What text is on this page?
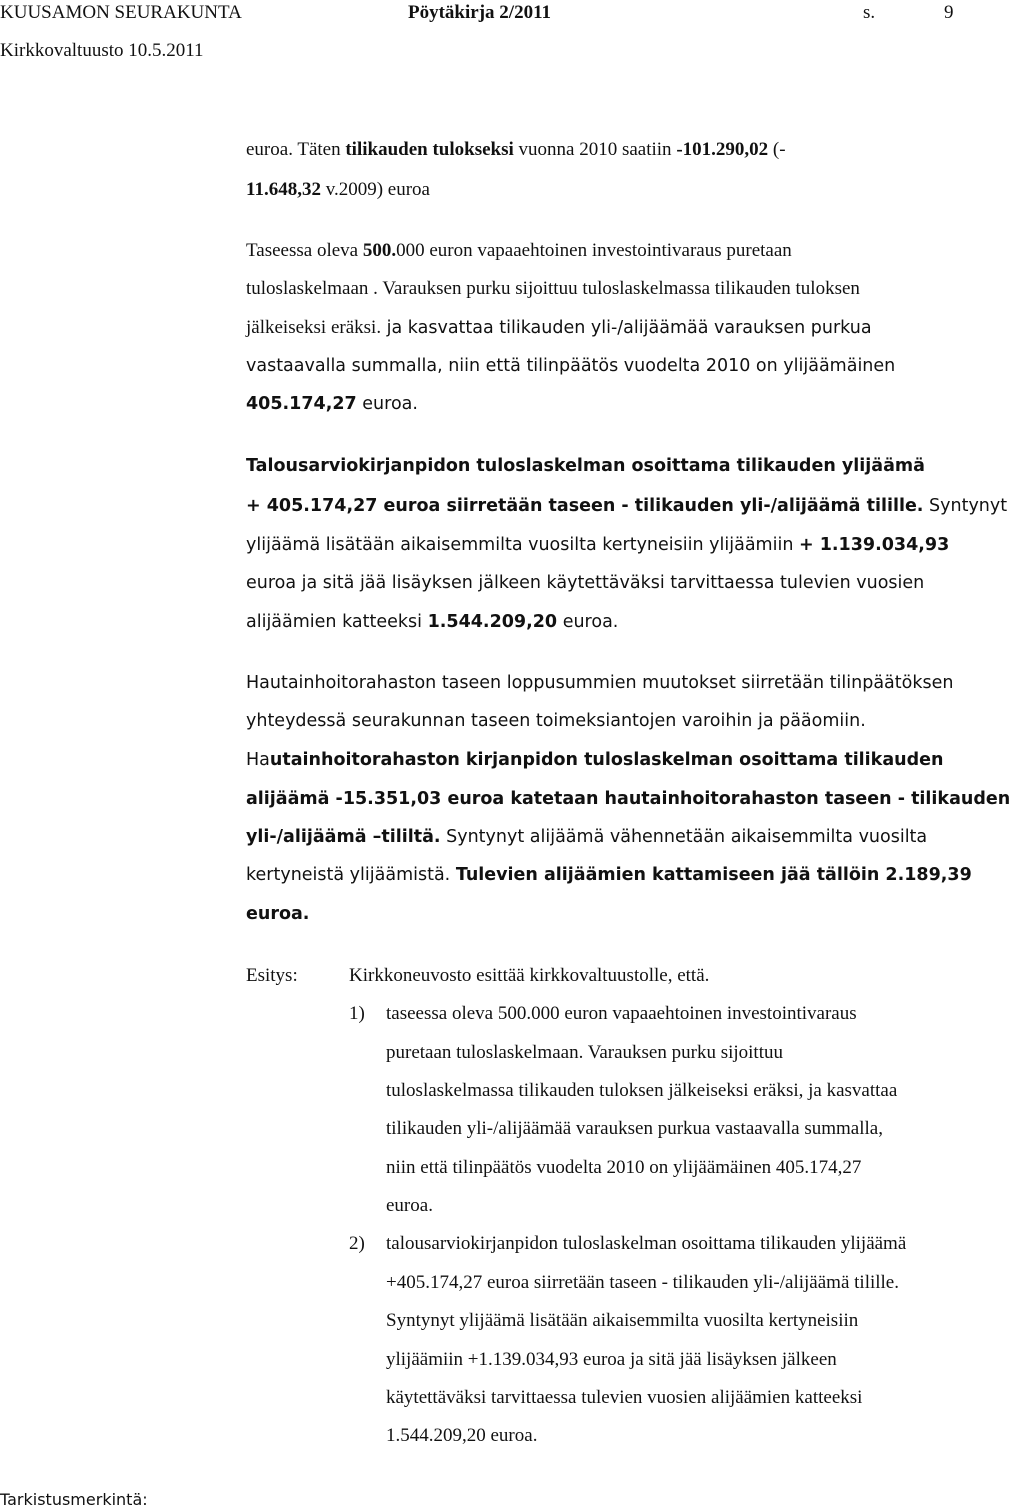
KUUSAMON SEURAKUNTA	Pöytäkirja 2/2011	s.	9
Kirkkovaltuusto 10.5.2011
euroa. Täten tilikauden tulokseksi vuonna 2010 saatiin -101.290,02 (-
11.648,32 v.2009) euroa
Taseessa oleva 500.000 euron vapaaehtoinen investointivaraus puretaan
tuloslaskelmaan . Varauksen purku sijoittuu tuloslaskelmassa tilikauden tuloksen
jälkeiseksi eräksi. ja kasvattaa tilikauden yli-/alijäämää varauksen purkua
vastaavalla summalla, niin että tilinpäätös vuodelta 2010 on ylijäämäinen
405.174,27 euroa.
Talousarviokirjanpidon tuloslaskelman osoittama tilikauden ylijäämä
+ 405.174,27 euroa siirretään taseen - tilikauden yli-/alijäämä tilille. Syntynyt
ylijäämä lisätään aikaisemmilta vuosilta kertyneisiin ylijäämiin + 1.139.034,93
euroa ja sitä jää lisäyksen jälkeen käytettäväksi tarvittaessa tulevien vuosien
alijäämien katteeksi 1.544.209,20 euroa.
Hautainhoitorahaston taseen loppusummien muutokset siirretään tilinpäätöksen
yhteydessä seurakunnan taseen toimeksiantojen varoihin ja pääomiin.
Hautainhoitorahaston kirjanpidon tuloslaskelman osoittama tilikauden
alijäämä -15.351,03 euroa katetaan hautainhoitorahaston taseen - tilikauden
yli-/alijäämä –tililtä. Syntynyt alijäämä vähennetään aikaisemmilta vuosilta
kertyneistä ylijäämistä. Tulevien alijäämien kattamiseen jää tällöin 2.189,39
euroa.
Esitys:	Kirkkoneuvosto esittää kirkkovaltuustolle, että.
1) taseessa oleva 500.000 euron vapaaehtoinen investointivaraus
puretaan tuloslaskelmaan. Varauksen purku sijoittuu
tuloslaskelmassa tilikauden tuloksen jälkeiseksi eräksi, ja kasvattaa
tilikauden yli-/alijäämää varauksen purkua vastaavalla summalla,
niin että tilinpäätös vuodelta 2010 on ylijäämäinen 405.174,27
euroa.
2) talousarviokirjanpidon tuloslaskelman osoittama tilikauden ylijäämä
+405.174,27 euroa siirretään taseen - tilikauden yli-/alijäämä tilille.
Syntynyt ylijäämä lisätään aikaisemmilta vuosilta kertyneisiin
ylijäämiin +1.139.034,93 euroa ja sitä jää lisäyksen jälkeen
käytettäväksi tarvittaessa tulevien vuosien alijäämien katteeksi
1.544.209,20 euroa.
Tarkistusmerkintä:
